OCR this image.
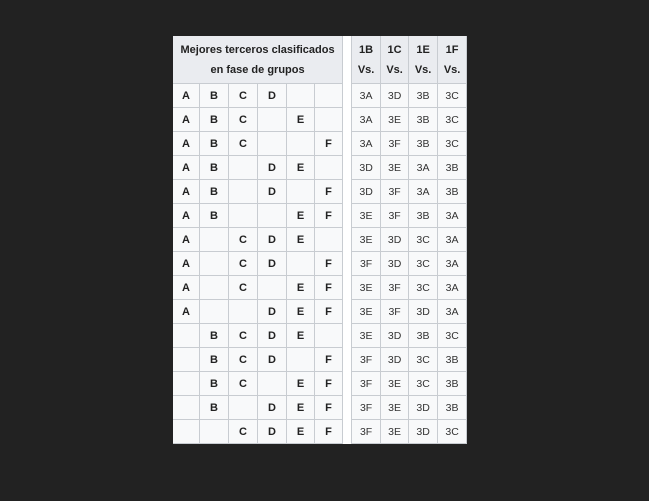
Mejores terceros clasificados en fase de grupos							1B Vs.	1C Vs.	1E Vs.	1F Vs.
A	B	C	D				3A	3D	3B	3C
A	B	C		E			3A	3E	3B	3C
A	B	C			F		3A	3F	3B	3C
A	B		D	E			3D	3E	3A	3B
A	B		D		F		3D	3F	3A	3B
A	B			E	F		3E	3F	3B	3A
A		C	D	E			3E	3D	3C	3A
A		C	D		F		3F	3D	3C	3A
A		C		E	F		3E	3F	3C	3A
A			D	E	F		3E	3F	3D	3A
	B	C	D	E			3E	3D	3B	3C
	B	C	D		F		3F	3D	3C	3B
	B	C		E	F		3F	3E	3C	3B
	B		D	E	F		3F	3E	3D	3B
		C	D	E	F		3F	3E	3D	3C
